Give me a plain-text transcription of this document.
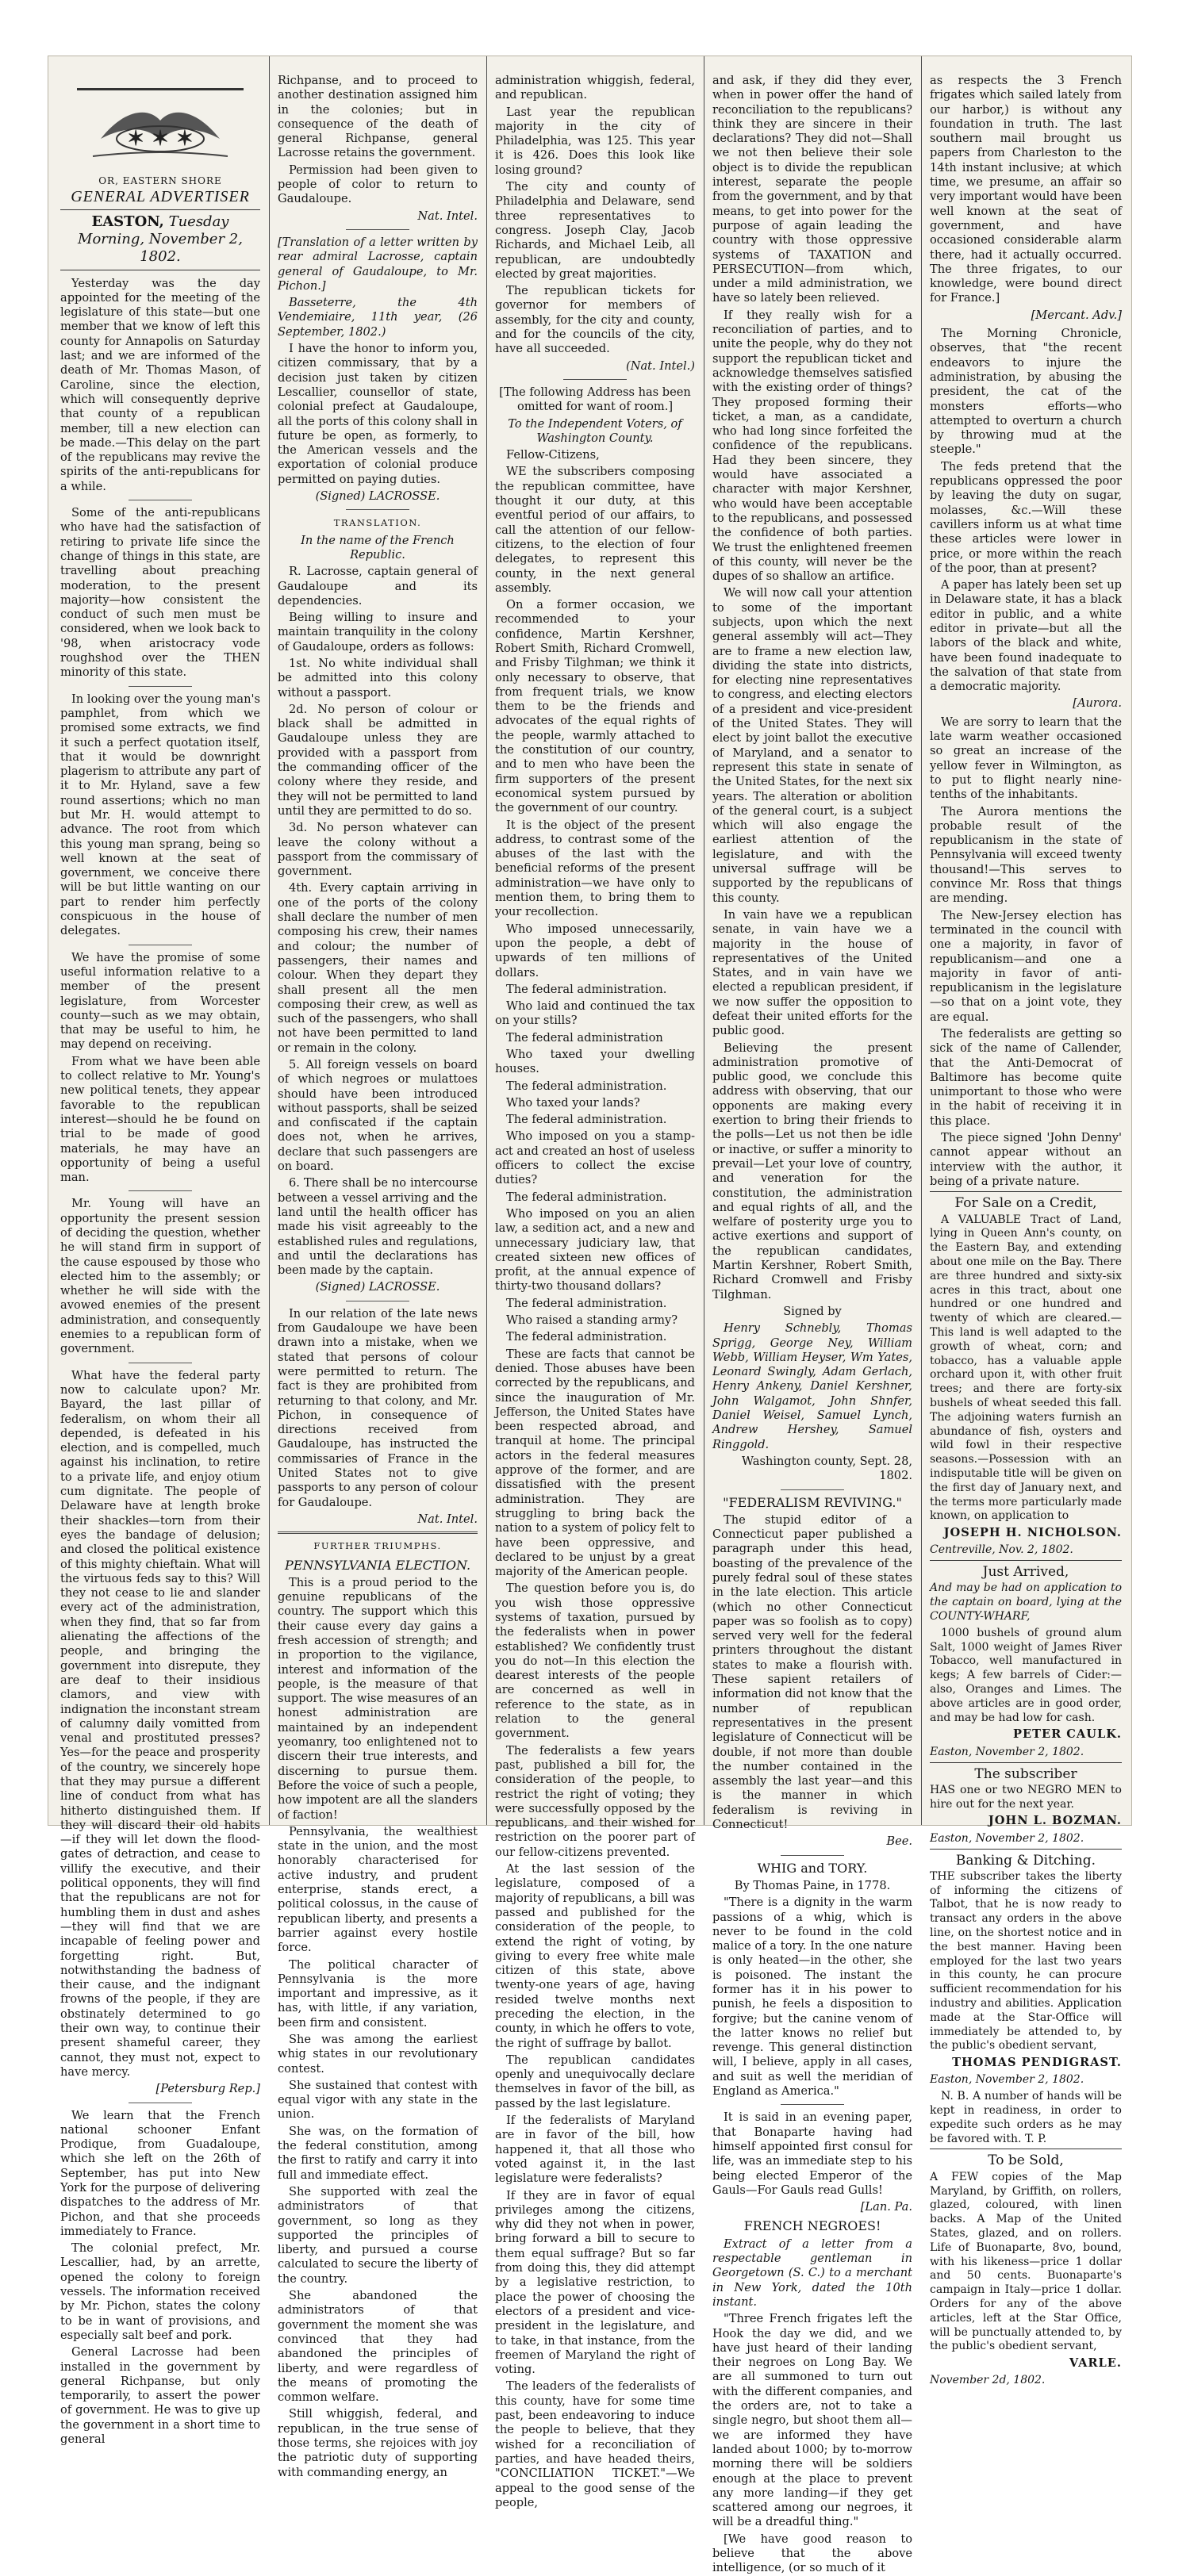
✶ ✶ ✶
OR, EASTERN SHORE
GENERAL ADVERTISER
EASTON, Tuesday Morning, November 2, 1802.

Yesterday was the day appointed for the meeting of the legislature of this state—but one member that we know of left this county for Annapolis on Saturday last; and we are informed of the death of Mr. Thomas Mason, of Caroline, since the election, which will consequently deprive that county of a republican member, till a new election can be made.—This delay on the part of the republicans may revive the spirits of the anti-republicans for a while.

Some of the anti-republicans who have had the satisfaction of retiring to private life since the change of things in this state, are travelling about preaching moderation, to the present majority—how consistent the conduct of such men must be considered, when we look back to '98, when aristocracy vode roughshod over the THEN minority of this state.

In looking over the young man's pamphlet, from which we promised some extracts, we find it such a perfect quotation itself, that it would be downright plagerism to attribute any part of it to Mr. Hyland, save a few round assertions; which no man but Mr. H. would attempt to advance. The root from which this young man sprang, being so well known at the seat of government, we conceive there will be but little wanting on our part to render him perfectly conspicuous in the house of delegates.

We have the promise of some useful information relative to a member of the present legislature, from Worcester county—such as we may obtain, that may be useful to him, he may depend on receiving.

From what we have been able to collect relative to Mr. Young's new political tenets, they appear favorable to the republican interest—should he be found on trial to be made of good materials, he may have an opportunity of being a useful man.

Mr. Young will have an opportunity the present session of deciding the question, whether he will stand firm in support of the cause espoused by those who elected him to the assembly; or whether he will side with the avowed enemies of the present administration, and consequently enemies to a republican form of government.

What have the federal party now to calculate upon? Mr. Bayard, the last pillar of federalism, on whom their all depended, is defeated in his election, and is compelled, much against his inclination, to retire to a private life, and enjoy otium cum dignitate. The people of Delaware have at length broke their shackles—torn from their eyes the bandage of delusion; and closed the political existence of this mighty chieftain. What will the virtuous feds say to this? Will they not cease to lie and slander every act of the administration, when they find, that so far from alienating the affections of the people, and bringing the government into disrepute, they are deaf to their insidious clamors, and view with indignation the inconstant stream of calumny daily vomitted from venal and prostituted presses? Yes—for the peace and prosperity of the country, we sincerely hope that they may pursue a different line of conduct from what has hitherto distinguished them. If they will discard their old habits—if they will let down the flood-gates of detraction, and cease to villify the executive, and their political opponents, they will find that the republicans are not for humbling them in dust and ashes—they will find that we are incapable of feeling power and forgetting right. But, notwithstanding the badness of their cause, and the indignant frowns of the people, if they are obstinately determined to go their own way, to continue their present shameful career, they cannot, they must not, expect to have mercy.

[Petersburg Rep.]

We learn that the French national schooner Enfant Prodique, from Guadaloupe, which she left on the 26th of September, has put into New York for the purpose of delivering dispatches to the address of Mr. Pichon, and that she proceeds immediately to France.

The colonial prefect, Mr. Lescallier, had, by an arrette, opened the colony to foreign vessels. The information received by Mr. Pichon, states the colony to be in want of provisions, and especially salt beef and pork.

General Lacrosse had been installed in the government by general Richpanse, but only temporarily, to assert the power of government. He was to give up the government in a short time to general

Richpanse, and to proceed to another destination assigned him in the colonies; but in consequence of the death of general Richpanse, general Lacrosse retains the government.

Permission had been given to people of color to return to Gaudaloupe.

Nat. Intel.

[Translation of a letter written by rear admiral Lacrosse, captain general of Gaudaloupe, to Mr. Pichon.]

Basseterre, the 4th Vendemiaire, 11th year, (26 September, 1802.)

I have the honor to inform you, citizen commissary, that by a decision just taken by citizen Lescallier, counsellor of state, colonial prefect at Gaudaloupe, all the ports of this colony shall in future be open, as formerly, to the American vessels and the exportation of colonial produce permitted on paying duties.

(Signed) LACROSSE.
TRANSLATION.

In the name of the French Republic.

R. Lacrosse, captain general of Gaudaloupe and its dependencies.

Being willing to insure and maintain tranquility in the colony of Gaudaloupe, orders as follows:

1st. No white individual shall be admitted into this colony without a passport.

2d. No person of colour or black shall be admitted in Gaudaloupe unless they are provided with a passport from the commanding officer of the colony where they reside, and they will not be permitted to land until they are permitted to do so.

3d. No person whatever can leave the colony without a passport from the commissary of government.

4th. Every captain arriving in one of the ports of the colony shall declare the number of men composing his crew, their names and colour; the number of passengers, their names and colour. When they depart they shall present all the men composing their crew, as well as such of the passengers, who shall not have been permitted to land or remain in the colony.

5. All foreign vessels on board of which negroes or mulattoes should have been introduced without passports, shall be seized and confiscated if the captain does not, when he arrives, declare that such passengers are on board.

6. There shall be no intercourse between a vessel arriving and the land until the health officer has made his visit agreeably to the established rules and regulations, and until the declarations has been made by the captain.

(Signed) LACROSSE.

In our relation of the late news from Gaudaloupe we have been drawn into a mistake, when we stated that persons of colour were permitted to return. The fact is they are prohibited from returning to that colony, and Mr. Pichon, in consequence of directions received from Gaudaloupe, has instructed the commissaries of France in the United States not to give passports to any person of colour for Gaudaloupe.

Nat. Intel.
FURTHER TRIUMPHS.
PENNSYLVANIA ELECTION.

This is a proud period to the genuine republicans of the country. The support which this their cause every day gains a fresh accession of strength; and in proportion to the vigilance, interest and information of the people, is the measure of that support. The wise measures of an honest administration are maintained by an independent yeomanry, too enlightened not to discern their true interests, and discerning to pursue them. Before the voice of such a people, how impotent are all the slanders of faction!

Pennsylvania, the wealthiest state in the union, and the most honorably characterised for active industry, and prudent enterprise, stands erect, a political colossus, in the cause of republican liberty, and presents a barrier against every hostile force.

The political character of Pennsylvania is the more important and impressive, as it has, with little, if any variation, been firm and consistent.

She was among the earliest whig states in our revolutionary contest.

She sustained that contest with equal vigor with any state in the union.

She was, on the formation of the federal constitution, among the first to ratify and carry it into full and immediate effect.

She supported with zeal the administrators of that government, so long as they supported the principles of liberty, and pursued a course calculated to secure the liberty of the country.

She abandoned the administrators of that government the moment she was convinced that they had abandoned the principles of liberty, and were regardless of the means of promoting the common welfare.

Still whiggish, federal, and republican, in the true sense of those terms, she rejoices with joy the patriotic duty of supporting with commanding energy, an

administration whiggish, federal, and republican.

Last year the republican majority in the city of Philadelphia, was 125. This year it is 426. Does this look like losing ground?

The city and county of Philadelphia and Delaware, send three representatives to congress. Joseph Clay, Jacob Richards, and Michael Leib, all republican, are undoubtedly elected by great majorities.

The republican tickets for governor for members of assembly, for the city and county, and for the councils of the city, have all succeeded.

(Nat. Intel.)

[The following Address has been omitted for want of room.]

To the Independent Voters, of Washington County.

Fellow-Citizens,

WE the subscribers composing the republican committee, have thought it our duty, at this eventful period of our affairs, to call the attention of our fellow-citizens, to the election of four delegates, to represent this county, in the next general assembly.

On a former occasion, we recommended to your confidence, Martin Kershner, Robert Smith, Richard Cromwell, and Frisby Tilghman; we think it only necessary to observe, that from frequent trials, we know them to be the friends and advocates of the equal rights of the people, warmly attached to the constitution of our country, and to men who have been the firm supporters of the present economical system pursued by the government of our country.

It is the object of the present address, to contrast some of the abuses of the last with the beneficial reforms of the present administration—we have only to mention them, to bring them to your recollection.

Who imposed unnecessarily, upon the people, a debt of upwards of ten millions of dollars.

The federal administration.

Who laid and continued the tax on your stills?

The federal administration

Who taxed your dwelling houses.

The federal administration.

Who taxed your lands?

The federal administration.

Who imposed on you a stamp-act and created an host of useless officers to collect the excise duties?

The federal administration.

Who imposed on you an alien law, a sedition act, and a new and unnecessary judiciary law, that created sixteen new offices of profit, at the annual expence of thirty-two thousand dollars?

The federal administration.

Who raised a standing army?

The federal administration.

These are facts that cannot be denied. Those abuses have been corrected by the republicans, and since the inauguration of Mr. Jefferson, the United States have been respected abroad, and tranquil at home. The principal actors in the federal measures approve of the former, and are dissatisfied with the present administration. They are struggling to bring back the nation to a system of policy felt to have been oppressive, and declared to be unjust by a great majority of the American people.

The question before you is, do you wish those oppressive systems of taxation, pursued by the federalists when in power established? We confidently trust you do not—In this election the dearest interests of the people are concerned as well in reference to the state, as in relation to the general government.

The federalists a few years past, published a bill for, the consideration of the people, to restrict the right of voting; they were successfully opposed by the republicans, and their wished for restriction on the poorer part of our fellow-citizens prevented.

At the last session of the legislature, composed of a majority of republicans, a bill was passed and published for the consideration of the people, to extend the right of voting, by giving to every free white male citizen of this state, above twenty-one years of age, having resided twelve months next preceding the election, in the county, in which he offers to vote, the right of suffrage by ballot.

The republican candidates openly and unequivocally declare themselves in favor of the bill, as passed by the last legislature.

If the federalists of Maryland are in favor of the bill, how happened it, that all those who voted against it, in the last legislature were federalists?

If they are in favor of equal privileges among the citizens, why did they not when in power, bring forward a bill to secure to them equal suffrage? But so far from doing this, they did attempt by a legislative restriction, to place the power of choosing the electors of a president and vice-president in the legislature, and to take, in that instance, from the freemen of Maryland the right of voting.

The leaders of the federalists of this county, have for some time past, been endeavoring to induce the people to believe, that they wished for a reconciliation of parties, and have headed theirs, "CONCILIATION TICKET."—We appeal to the good sense of the people,

and ask, if they did they ever, when in power offer the hand of reconciliation to the republicans? think they are sincere in their declarations? They did not—Shall we not then believe their sole object is to divide the republican interest, separate the people from the government, and by that means, to get into power for the purpose of again leading the country with those oppressive systems of TAXATION and PERSECUTION—from which, under a mild administration, we have so lately been relieved.

If they really wish for a reconciliation of parties, and to unite the people, why do they not support the republican ticket and acknowledge themselves satisfied with the existing order of things? They proposed forming their ticket, a man, as a candidate, who had long since forfeited the confidence of the republicans. Had they been sincere, they would have associated a character with major Kershner, who would have been acceptable to the republicans, and possessed the confidence of both parties. We trust the enlightened freemen of this county, will never be the dupes of so shallow an artifice.

We will now call your attention to some of the important subjects, upon which the next general assembly will act—They are to frame a new election law, dividing the state into districts, for electing nine representatives to congress, and electing electors of a president and vice-president of the United States. They will elect by joint ballot the executive of Maryland, and a senator to represent this state in senate of the United States, for the next six years. The alteration or abolition of the general court, is a subject which will also engage the earliest attention of the legislature, and with the universal suffrage will be supported by the republicans of this county.

In vain have we a republican senate, in vain have we a majority in the house of representatives of the United States, and in vain have we elected a republican president, if we now suffer the opposition to defeat their united efforts for the public good.

Believing the present administration promotive of public good, we conclude this address with observing, that our opponents are making every exertion to bring their friends to the polls—Let us not then be idle or inactive, or suffer a minority to prevail—Let your love of country, and veneration for the constitution, the administration and equal rights of all, and the welfare of posterity urge you to active exertions and support of the republican candidates, Martin Kershner, Robert Smith, Richard Cromwell and Frisby Tilghman.

Signed by

Henry Schnebly, Thomas Sprigg, George Ney, William Webb, William Heyser, Wm Yates, Leonard Swingly, Adam Gerlach, Henry Ankeny, Daniel Kershner, John Walgamot, John Shnfer, Daniel Weisel, Samuel Lynch, Andrew Hershey, Samuel Ringgold.

Washington county, Sept. 28, 1802.

"FEDERALISM REVIVING."

The stupid editor of a Connecticut paper published a paragraph under this head, boasting of the prevalence of the purely fedral soul of these states in the late election. This article (which no other Connecticut paper was so foolish as to copy) served very well for the federal printers throughout the distant states to make a flourish with. These sapient retailers of information did not know that the number of republican representatives in the present legislature of Connecticut will be double, if not more than double the number contained in the assembly the last year—and this is the manner in which federalism is reviving in Connecticut!

Bee.
WHIG and TORY.

By Thomas Paine, in 1778.

"There is a dignity in the warm passions of a whig, which is never to be found in the cold malice of a tory. In the one nature is only heated—in the other, she is poisoned. The instant the former has it in his power to punish, he feels a disposition to forgive; but the canine venom of the latter knows no relief but revenge. This general distinction will, I believe, apply in all cases, and suit as well the meridian of England as America."

It is said in an evening paper, that Bonaparte having had himself appointed first consul for life, was an immediate step to his being elected Emperor of the Gauls—For Gauls read Gulls!

[Lan. Pa.
FRENCH NEGROES!

Extract of a letter from a respectable gentleman in Georgetown (S. C.) to a merchant in New York, dated the 10th instant.

"Three French frigates left the Hook the day we did, and we have just heard of their landing their negroes on Long Bay. We are all summoned to turn out with the different companies, and the orders are, not to take a single negro, but shoot them all—we are informed they have landed about 1000; by to-morrow morning there will be soldiers enough at the place to prevent any more landing—if they get scattered among our negroes, it will be a dreadful thing."

[We have good reason to believe that the above intelligence, (or so much of it

as respects the 3 French frigates which sailed lately from our harbor,) is without any foundation in truth. The last southern mail brought us papers from Charleston to the 14th instant inclusive; at which time, we presume, an affair so very important would have been well known at the seat of government, and have occasioned considerable alarm there, had it actually occurred. The three frigates, to our knowledge, were bound direct for France.]

[Mercant. Adv.]

The Morning Chronicle, observes, that "the recent endeavors to injure the administration, by abusing the president, the cat of the monsters efforts—who attempted to overturn a church by throwing mud at the steeple."

The feds pretend that the republicans oppressed the poor by leaving the duty on sugar, molasses, &c.—Will these cavillers inform us at what time these articles were lower in price, or more within the reach of the poor, than at present?

A paper has lately been set up in Delaware state, it has a black editor in public, and a white editor in private—but all the labors of the black and white, have been found inadequate to the salvation of that state from a democratic majority.

[Aurora.

We are sorry to learn that the late warm weather occasioned so great an increase of the yellow fever in Wilmington, as to put to flight nearly nine-tenths of the inhabitants.

The Aurora mentions the probable result of the republicanism in the state of Pennsylvania will exceed twenty thousand!—This serves to convince Mr. Ross that things are mending.

The New-Jersey election has terminated in the council with one a majority, in favor of republicanism—and one a majority in favor of anti-republicanism in the legislature—so that on a joint vote, they are equal.

The federalists are getting so sick of the name of Callender, that the Anti-Democrat of Baltimore has become quite unimportant to those who were in the habit of receiving it in this place.

The piece signed 'John Denny' cannot appear without an interview with the author, it being of a private nature.

For Sale on a Credit,

A VALUABLE Tract of Land, lying in Queen Ann's county, on the Eastern Bay, and extending about one mile on the Bay. There are three hundred and sixty-six acres in this tract, about one hundred or one hundred and twenty of which are cleared.—This land is well adapted to the growth of wheat, corn; and tobacco, has a valuable apple orchard upon it, with other fruit trees; and there are forty-six bushels of wheat seeded this fall. The adjoining waters furnish an abundance of fish, oysters and wild fowl in their respective seasons.—Possession with an indisputable title will be given on the first day of January next, and the terms more particularly made known, on application to

JOSEPH H. NICHOLSON.

Centreville, Nov. 2, 1802.

Just Arrived,

And may be had on application to the captain on board, lying at the COUNTY-WHARF,

1000 bushels of ground alum Salt, 1000 weight of James River Tobacco, well manufactured in kegs; A few barrels of Cider:—also, Oranges and Limes. The above articles are in good order, and may be had low for cash.

PETER CAULK.

Easton, November 2, 1802.

The subscriber

HAS one or two NEGRO MEN to hire out for the next year.

JOHN L. BOZMAN.

Easton, November 2, 1802.

Banking & Ditching.

THE subscriber takes the liberty of informing the citizens of Talbot, that he is now ready to transact any orders in the above line, on the shortest notice and in the best manner. Having been employed for the last two years in this county, he can procure sufficient recommendation for his industry and abilities. Application made at the Star-Office will immediately be attended to, by the public's obedient servant,

THOMAS PENDIGRAST.

Easton, November 2, 1802.

N. B. A number of hands will be kept in readiness, in order to expedite such orders as he may be favored with. T. P.

To be Sold,

A FEW copies of the Map Maryland, by Griffith, on rollers, glazed, coloured, with linen backs. A Map of the United States, glazed, and on rollers. Life of Buonaparte, 8vo, bound, with his likeness—price 1 dollar and 50 cents. Buonaparte's campaign in Italy—price 1 dollar. Orders for any of the above articles, left at the Star Office, will be punctually attended to, by the public's obedient servant,

VARLE.

November 2d, 1802.
